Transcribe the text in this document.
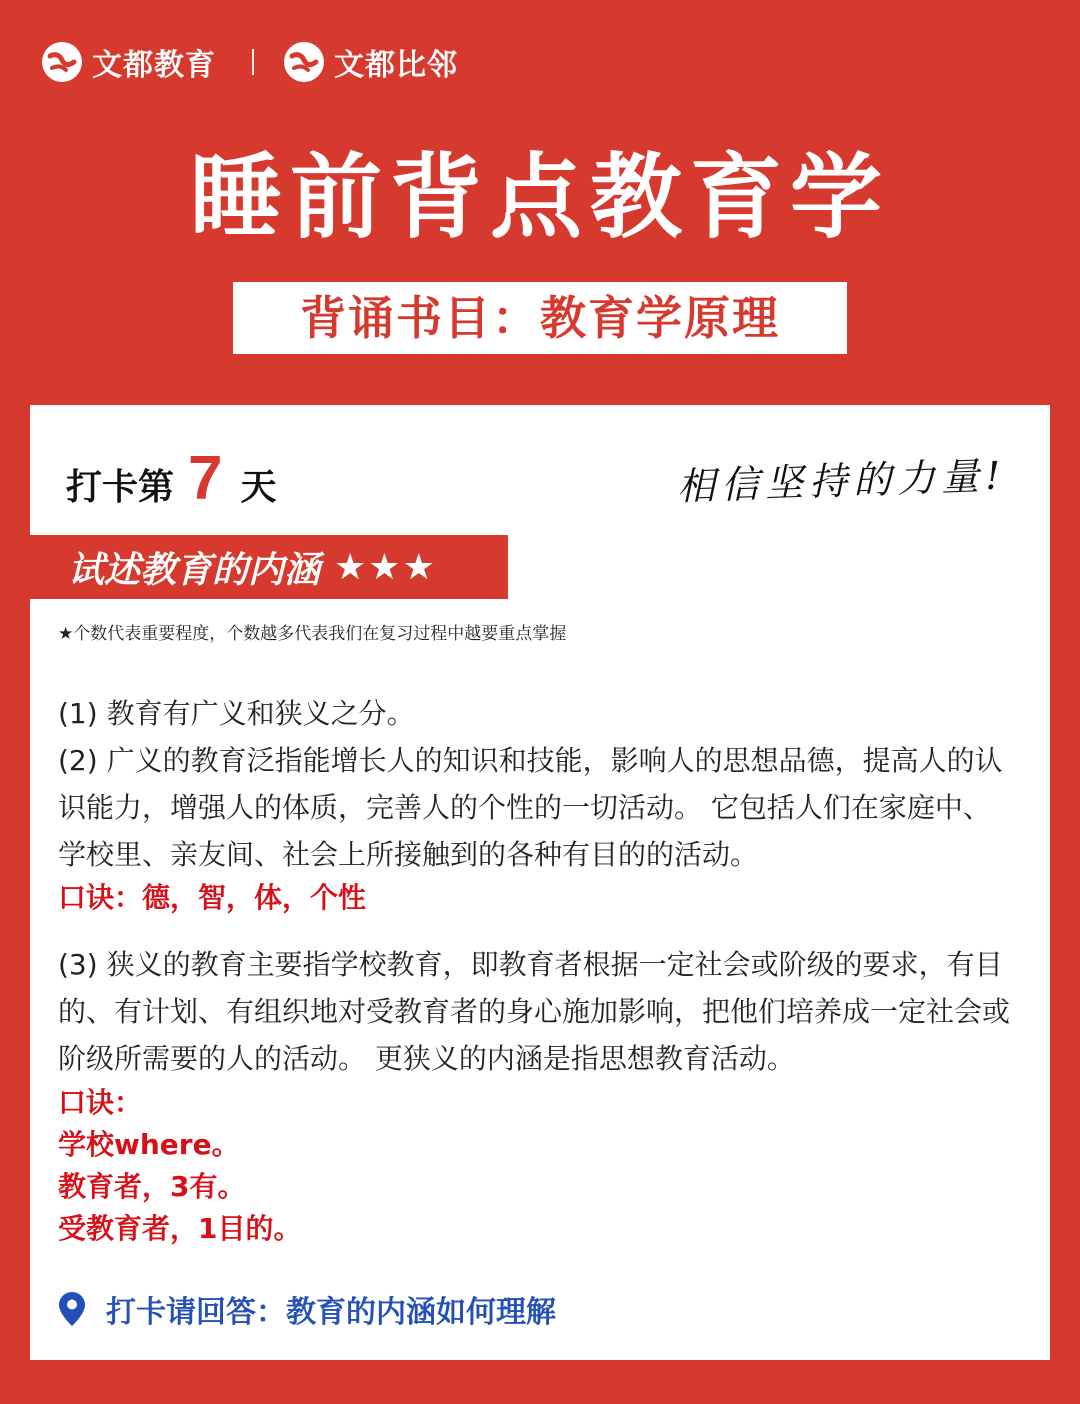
文都教育	文都比邻
睡前背点教育学
背诵书目：教育学原理
打卡第 7 天	相信坚持的力量!
试述教育的内涵 ★★★
★个数代表重要程度，个数越多代表我们在复习过程中越要重点掌握
(1) 教育有广义和狭义之分。
(2) 广义的教育泛指能增长人的知识和技能，影响人的思想品德，提高人的认识能力，增强人的体质，完善人的个性的一切活动。 它包括人们在家庭中、学校里、亲友间、社会上所接触到的各种有目的的活动。
口诀：德，智，体，个性
(3) 狭义的教育主要指学校教育，即教育者根据一定社会或阶级的要求，有目的、有计划、有组织地对受教育者的身心施加影响，把他们培养成一定社会或阶级所需要的人的活动。 更狭义的内涵是指思想教育活动。
口诀：
学校where。
教育者，3有。
受教育者，1目的。
打卡请回答：教育的内涵如何理解
